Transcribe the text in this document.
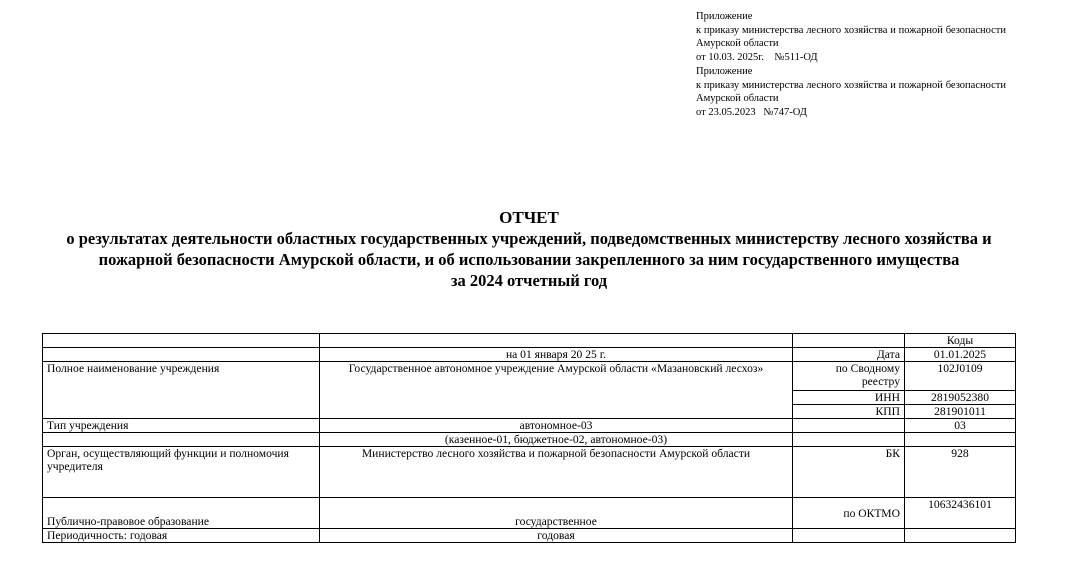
Приложение
к приказу министерства лесного хозяйства и пожарной безопасности Амурской области
от 10.03. 2025г.    №511-ОД
Приложение
к приказу министерства лесного хозяйства и пожарной безопасности Амурской области
от 23.05.2023   №747-ОД
ОТЧЕТ
о результатах деятельности областных государственных учреждений, подведомственных министерству лесного хозяйства и пожарной безопасности Амурской области, и об использовании закрепленного за ним государственного имущества
за 2024 отчетный год
			Коды
	на 01 января 20 25 г.	Дата	01.01.2025
Полное наименование учреждения	Государственное автономное учреждение Амурской области «Мазановский лесхоз»	по Сводному реестру	102J0109
		ИНН	2819052380
		КПП	281901011
Тип учреждения	автономное-03		03
	(казенное-01, бюджетное-02, автономное-03)		
Орган, осуществляющий функции и полномочия учредителя	Министерство лесного хозяйства и пожарной безопасности Амурской области	БК	928
Публично-правовое образование	государственное	по ОКТМО	10632436101
Периодичность: годовая	годовая		
